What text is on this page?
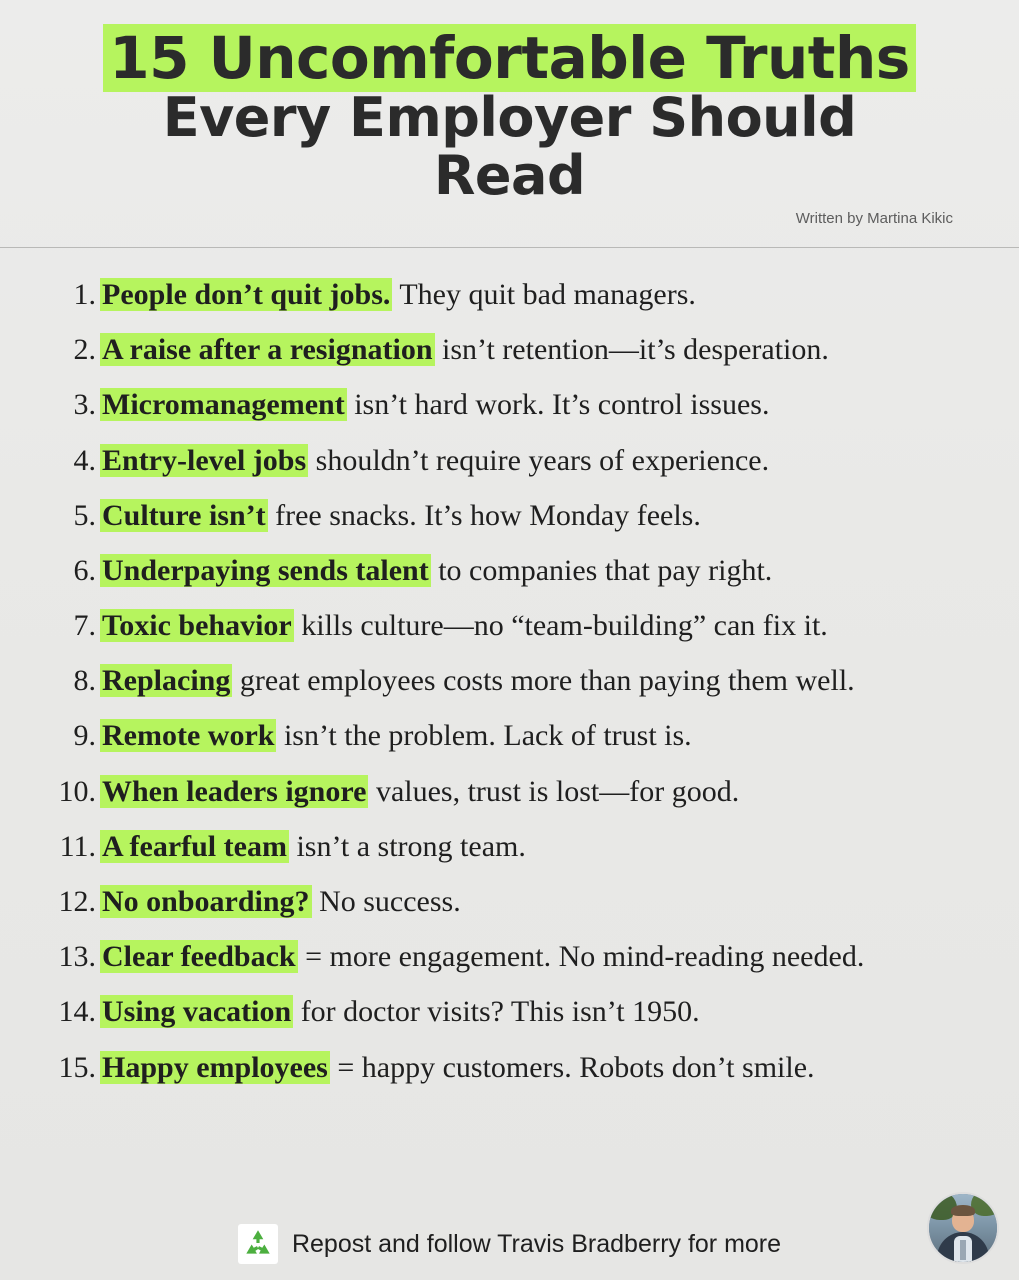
15 Uncomfortable Truths
Every Employer Should
Read
Written by Martina Kikic
1. People don’t quit jobs. They quit bad managers.
2. A raise after a resignation isn’t retention—it’s desperation.
3. Micromanagement isn’t hard work. It’s control issues.
4. Entry-level jobs shouldn’t require years of experience.
5. Culture isn’t free snacks. It’s how Monday feels.
6. Underpaying sends talent to companies that pay right.
7. Toxic behavior kills culture—no “team-building” can fix it.
8. Replacing great employees costs more than paying them well.
9. Remote work isn’t the problem. Lack of trust is.
10. When leaders ignore values, trust is lost—for good.
11. A fearful team isn’t a strong team.
12. No onboarding? No success.
13. Clear feedback = more engagement. No mind-reading needed.
14. Using vacation for doctor visits? This isn’t 1950.
15. Happy employees = happy customers. Robots don’t smile.
Repost and follow Travis Bradberry for more
